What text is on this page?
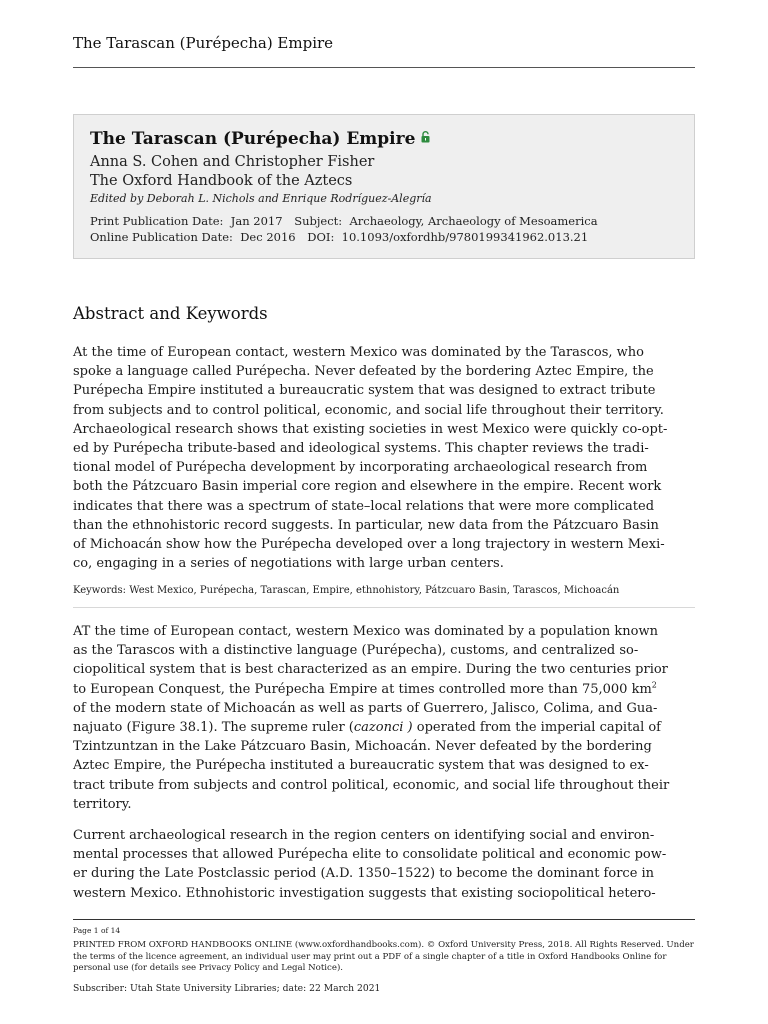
The Tarascan (Purépecha) Empire
The Tarascan (Purépecha) Empire
Anna S. Cohen and Christopher Fisher
The Oxford Handbook of the Aztecs
Edited by Deborah L. Nichols and Enrique Rodríguez-Alegría
Print Publication Date: Jan 2017 Subject: Archaeology, Archaeology of Mesoamerica
Online Publication Date: Dec 2016 DOI: 10.1093/oxfordhb/9780199341962.013.21
Abstract and Keywords
At the time of European contact, western Mexico was dominated by the Tarascos, who
spoke a language called Purépecha. Never defeated by the bordering Aztec Empire, the
Purépecha Empire instituted a bureaucratic system that was designed to extract tribute
from subjects and to control political, economic, and social life throughout their territory.
Archaeological research shows that existing societies in west Mexico were quickly co-opt-
ed by Purépecha tribute-based and ideological systems. This chapter reviews the tradi-
tional model of Purépecha development by incorporating archaeological research from
both the Pátzcuaro Basin imperial core region and elsewhere in the empire. Recent work
indicates that there was a spectrum of state–local relations that were more complicated
than the ethnohistoric record suggests. In particular, new data from the Pátzcuaro Basin
of Michoacán show how the Purépecha developed over a long trajectory in western Mexi-
co, engaging in a series of negotiations with large urban centers.
Keywords: West Mexico, Purépecha, Tarascan, Empire, ethnohistory, Pátzcuaro Basin, Tarascos, Michoacán
AT the time of European contact, western Mexico was dominated by a population known
as the Tarascos with a distinctive language (Purépecha), customs, and centralized so-
ciopolitical system that is best characterized as an empire. During the two centuries prior
to European Conquest, the Purépecha Empire at times controlled more than 75,000 $km^2$
of the modern state of Michoacán as well as parts of Guerrero, Jalisco, Colima, and Gua-
najuato (Figure 38.1). The supreme ruler (cazonci ) operated from the imperial capital of
Tzintzuntzan in the Lake Pátzcuaro Basin, Michoacán. Never defeated by the bordering
Aztec Empire, the Purépecha instituted a bureaucratic system that was designed to ex-
tract tribute from subjects and control political, economic, and social life throughout their
territory.
Current archaeological research in the region centers on identifying social and environ-
mental processes that allowed Purépecha elite to consolidate political and economic pow-
er during the Late Postclassic period (A.D. 1350–1522) to become the dominant force in
western Mexico. Ethnohistoric investigation suggests that existing sociopolitical hetero-
Page 1 of 14
PRINTED FROM OXFORD HANDBOOKS ONLINE (www.oxfordhandbooks.com). © Oxford University Press, 2018. All Rights Reserved. Under the terms of the licence agreement, an individual user may print out a PDF of a single chapter of a title in Oxford Handbooks Online for personal use (for details see Privacy Policy and Legal Notice).
Subscriber: Utah State University Libraries; date: 22 March 2021
